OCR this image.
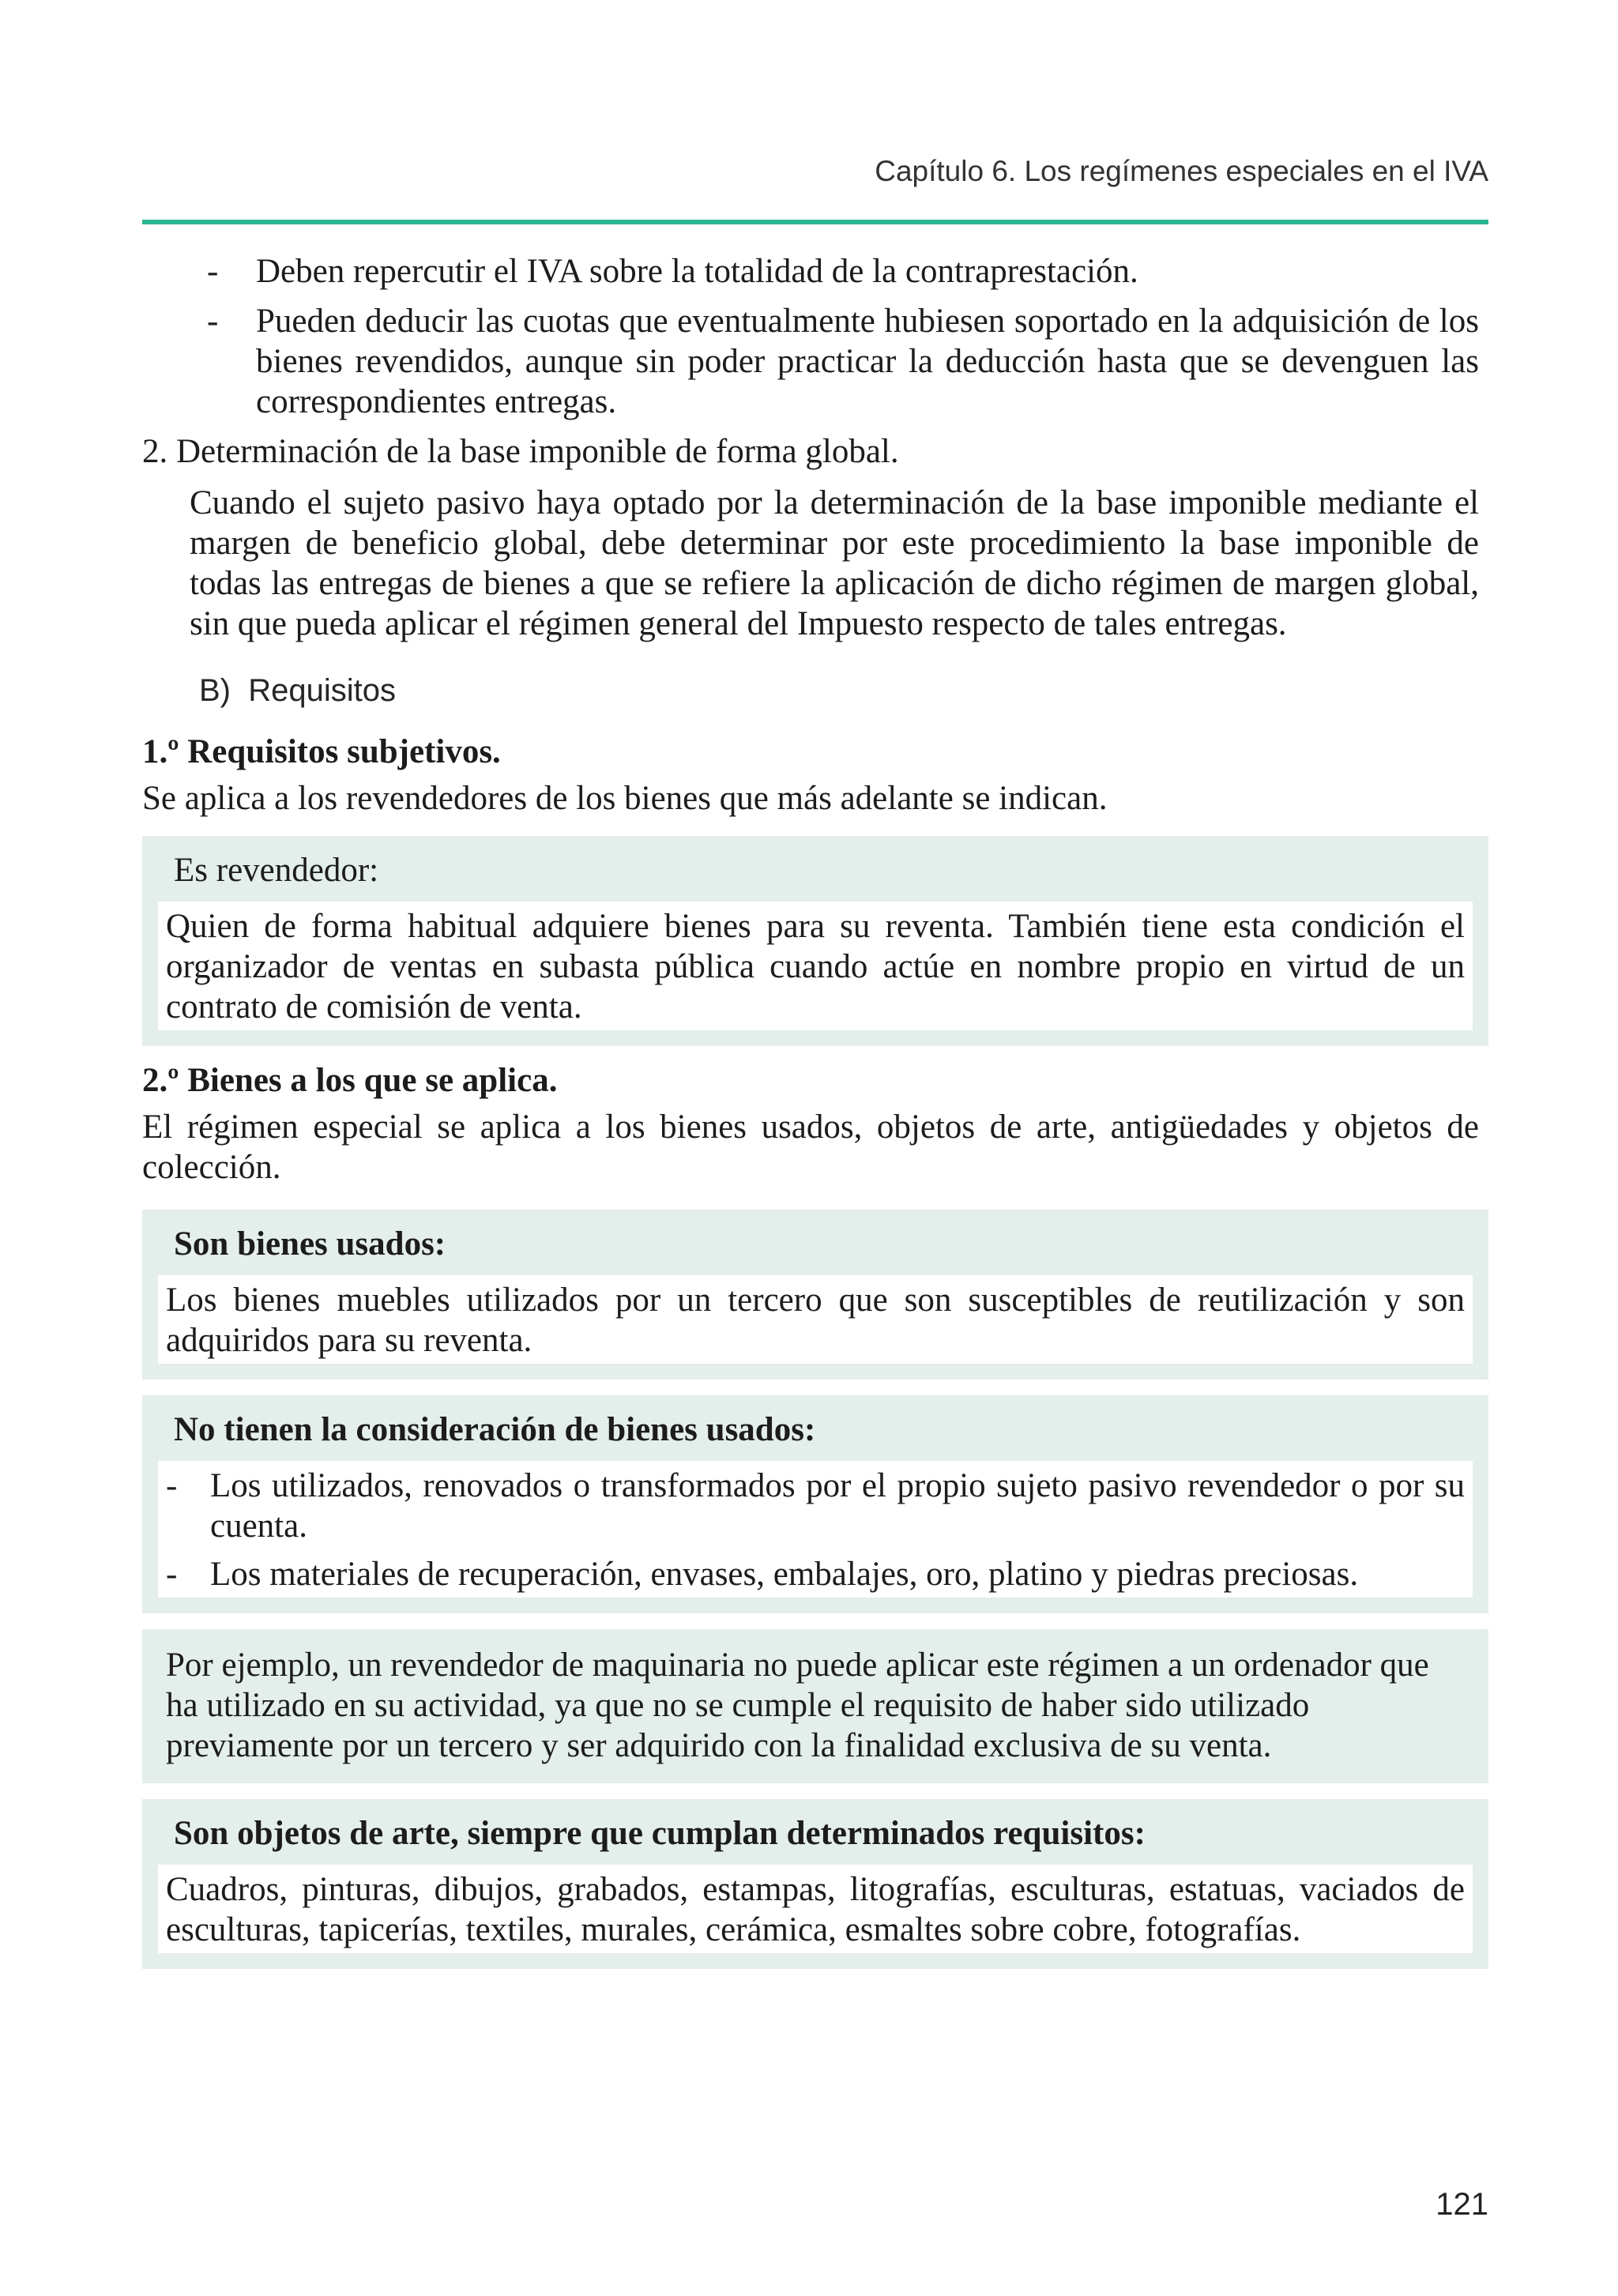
Capítulo 6. Los regímenes especiales en el IVA
-	Deben repercutir el IVA sobre la totalidad de la contraprestación.
-	Pueden deducir las cuotas que eventualmente hubiesen soportado en la adquisición de los bienes revendidos, aunque sin poder practicar la deducción hasta que se devenguen las correspondientes entregas.

2. Determinación de la base imponible de forma global.

Cuando el sujeto pasivo haya optado por la determinación de la base imponible mediante el margen de beneficio global, debe determinar por este procedimiento la base imponible de todas las entregas de bienes a que se refiere la aplicación de dicho régimen de margen global, sin que pueda aplicar el régimen general del Impuesto respecto de tales entregas.

B)  Requisitos

1.º Requisitos subjetivos.

Se aplica a los revendedores de los bienes que más adelante se indican.

Es revendedor:
Quien de forma habitual adquiere bienes para su reventa. También tiene esta condición el organizador de ventas en subasta pública cuando actúe en nombre propio en virtud de un contrato de comisión de venta.

2.º Bienes a los que se aplica.

El régimen especial se aplica a los bienes usados, objetos de arte, antigüedades y objetos de colección.

Son bienes usados:
Los bienes muebles utilizados por un tercero que son susceptibles de reutilización y son adquiridos para su reventa.
No tienen la consideración de bienes usados:
- Los utilizados, renovados o transformados por el propio sujeto pasivo revendedor o por su cuenta.
- Los materiales de recuperación, envases, embalajes, oro, platino y piedras preciosas.
Por ejemplo, un revendedor de maquinaria no puede aplicar este régimen a un ordenador que ha utilizado en su actividad, ya que no se cumple el requisito de haber sido utilizado previamente por un tercero y ser adquirido con la finalidad exclusiva de su venta.
Son objetos de arte, siempre que cumplan determinados requisitos:
Cuadros, pinturas, dibujos, grabados, estampas, litografías, esculturas, estatuas, vaciados de esculturas, tapicerías, textiles, murales, cerámica, esmaltes sobre cobre, fotografías.
121
